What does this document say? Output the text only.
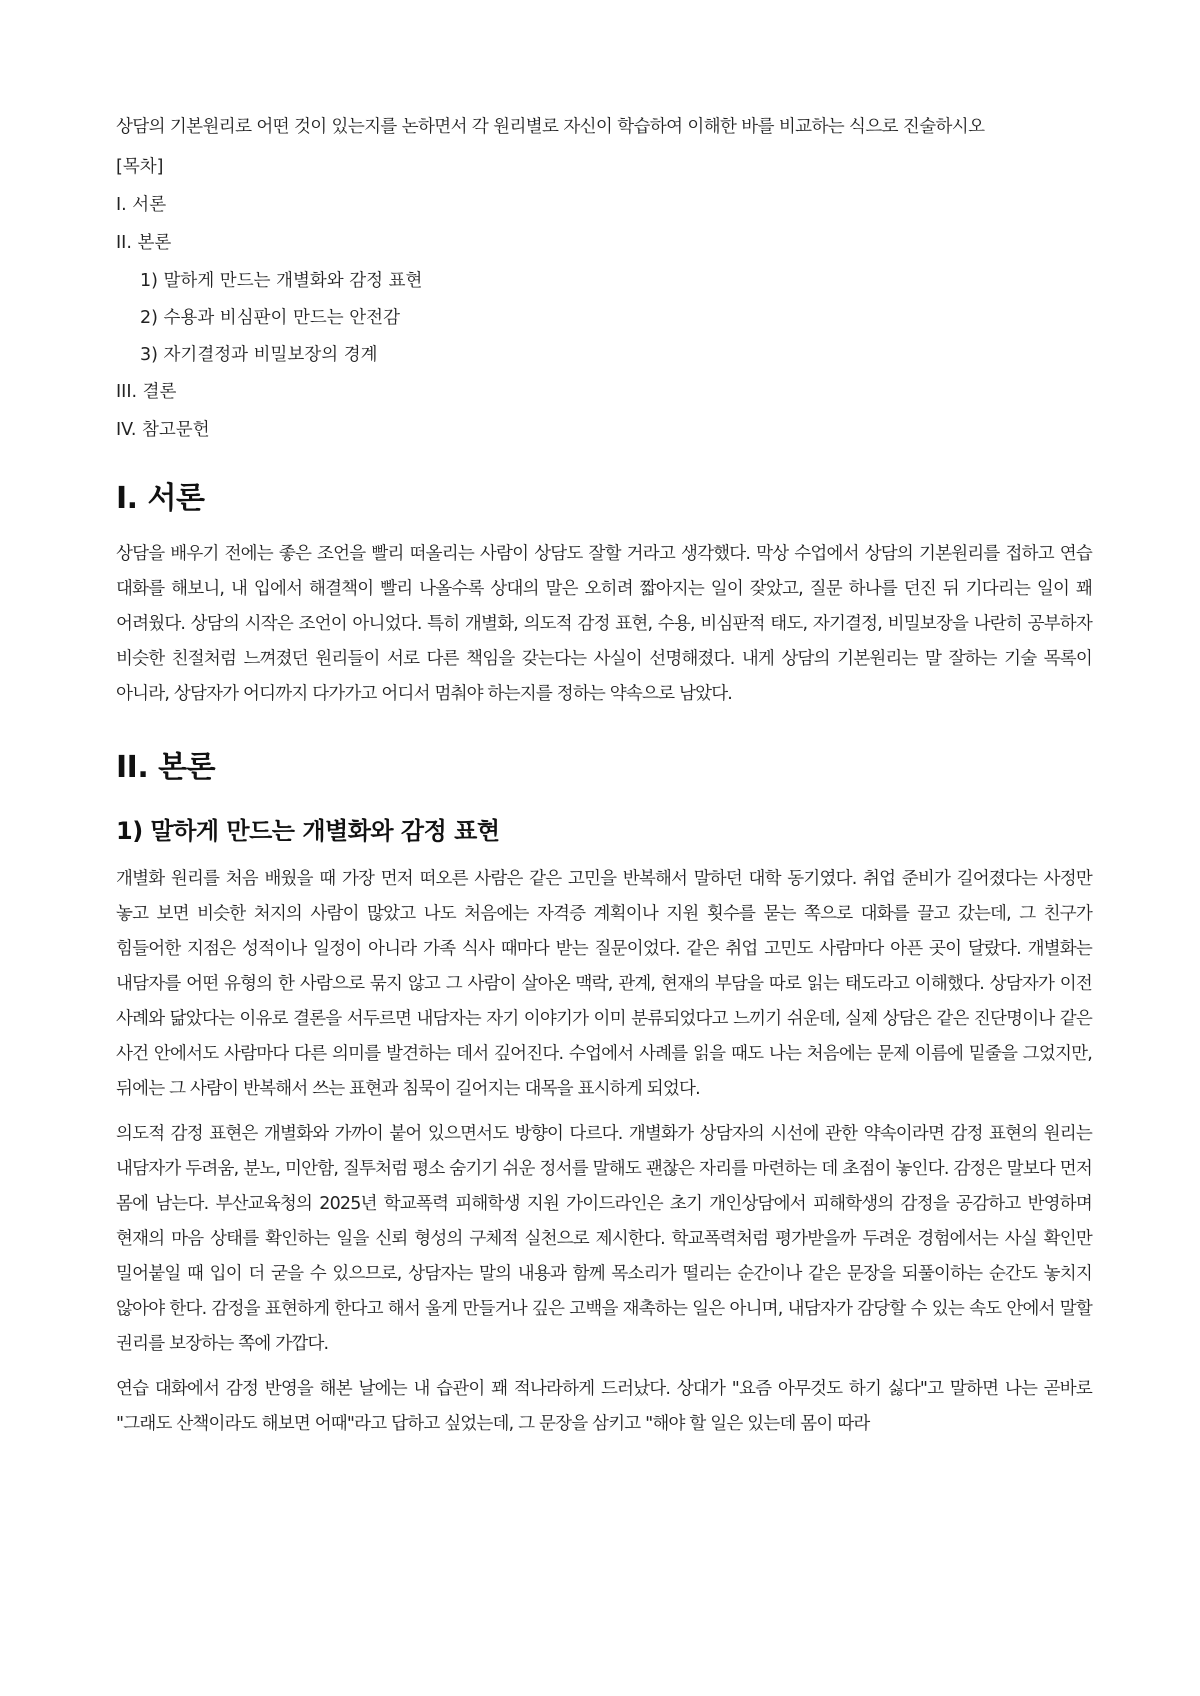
상담의 기본원리로 어떤 것이 있는지를 논하면서 각 원리별로 자신이 학습하여 이해한 바를 비교하는 식으로 진술하시오

[목차]

I. 서론

II. 본론

1) 말하게 만드는 개별화와 감정 표현

2) 수용과 비심판이 만드는 안전감

3) 자기결정과 비밀보장의 경계

III. 결론

IV. 참고문헌

I. 서론

상담을 배우기 전에는 좋은 조언을 빨리 떠올리는 사람이 상담도 잘할 거라고 생각했다. 막상 수업에서 상담의 기본원리를 접하고 연습 대화를 해보니, 내 입에서 해결책이 빨리 나올수록 상대의 말은 오히려 짧아지는 일이 잦았고, 질문 하나를 던진 뒤 기다리는 일이 꽤 어려웠다. 상담의 시작은 조언이 아니었다. 특히 개별화, 의도적 감정 표현, 수용, 비심판적 태도, 자기결정, 비밀보장을 나란히 공부하자 비슷한 친절처럼 느껴졌던 원리들이 서로 다른 책임을 갖는다는 사실이 선명해졌다. 내게 상담의 기본원리는 말 잘하는 기술 목록이 아니라, 상담자가 어디까지 다가가고 어디서 멈춰야 하는지를 정하는 약속으로 남았다.

II. 본론
1) 말하게 만드는 개별화와 감정 표현

개별화 원리를 처음 배웠을 때 가장 먼저 떠오른 사람은 같은 고민을 반복해서 말하던 대학 동기였다. 취업 준비가 길어졌다는 사정만 놓고 보면 비슷한 처지의 사람이 많았고 나도 처음에는 자격증 계획이나 지원 횟수를 묻는 쪽으로 대화를 끌고 갔는데, 그 친구가 힘들어한 지점은 성적이나 일정이 아니라 가족 식사 때마다 받는 질문이었다. 같은 취업 고민도 사람마다 아픈 곳이 달랐다. 개별화는 내담자를 어떤 유형의 한 사람으로 묶지 않고 그 사람이 살아온 맥락, 관계, 현재의 부담을 따로 읽는 태도라고 이해했다. 상담자가 이전 사례와 닮았다는 이유로 결론을 서두르면 내담자는 자기 이야기가 이미 분류되었다고 느끼기 쉬운데, 실제 상담은 같은 진단명이나 같은 사건 안에서도 사람마다 다른 의미를 발견하는 데서 깊어진다. 수업에서 사례를 읽을 때도 나는 처음에는 문제 이름에 밑줄을 그었지만, 뒤에는 그 사람이 반복해서 쓰는 표현과 침묵이 길어지는 대목을 표시하게 되었다.

의도적 감정 표현은 개별화와 가까이 붙어 있으면서도 방향이 다르다. 개별화가 상담자의 시선에 관한 약속이라면 감정 표현의 원리는 내담자가 두려움, 분노, 미안함, 질투처럼 평소 숨기기 쉬운 정서를 말해도 괜찮은 자리를 마련하는 데 초점이 놓인다. 감정은 말보다 먼저 몸에 남는다. 부산교육청의 2025년 학교폭력 피해학생 지원 가이드라인은 초기 개인상담에서 피해학생의 감정을 공감하고 반영하며 현재의 마음 상태를 확인하는 일을 신뢰 형성의 구체적 실천으로 제시한다. 학교폭력처럼 평가받을까 두려운 경험에서는 사실 확인만 밀어붙일 때 입이 더 굳을 수 있으므로, 상담자는 말의 내용과 함께 목소리가 떨리는 순간이나 같은 문장을 되풀이하는 순간도 놓치지 않아야 한다. 감정을 표현하게 한다고 해서 울게 만들거나 깊은 고백을 재촉하는 일은 아니며, 내담자가 감당할 수 있는 속도 안에서 말할 권리를 보장하는 쪽에 가깝다.

연습 대화에서 감정 반영을 해본 날에는 내 습관이 꽤 적나라하게 드러났다. 상대가 "요즘 아무것도 하기 싫다"고 말하면 나는 곧바로 "그래도 산책이라도 해보면 어때"라고 답하고 싶었는데, 그 문장을 삼키고 "해야 할 일은 있는데 몸이 따라
